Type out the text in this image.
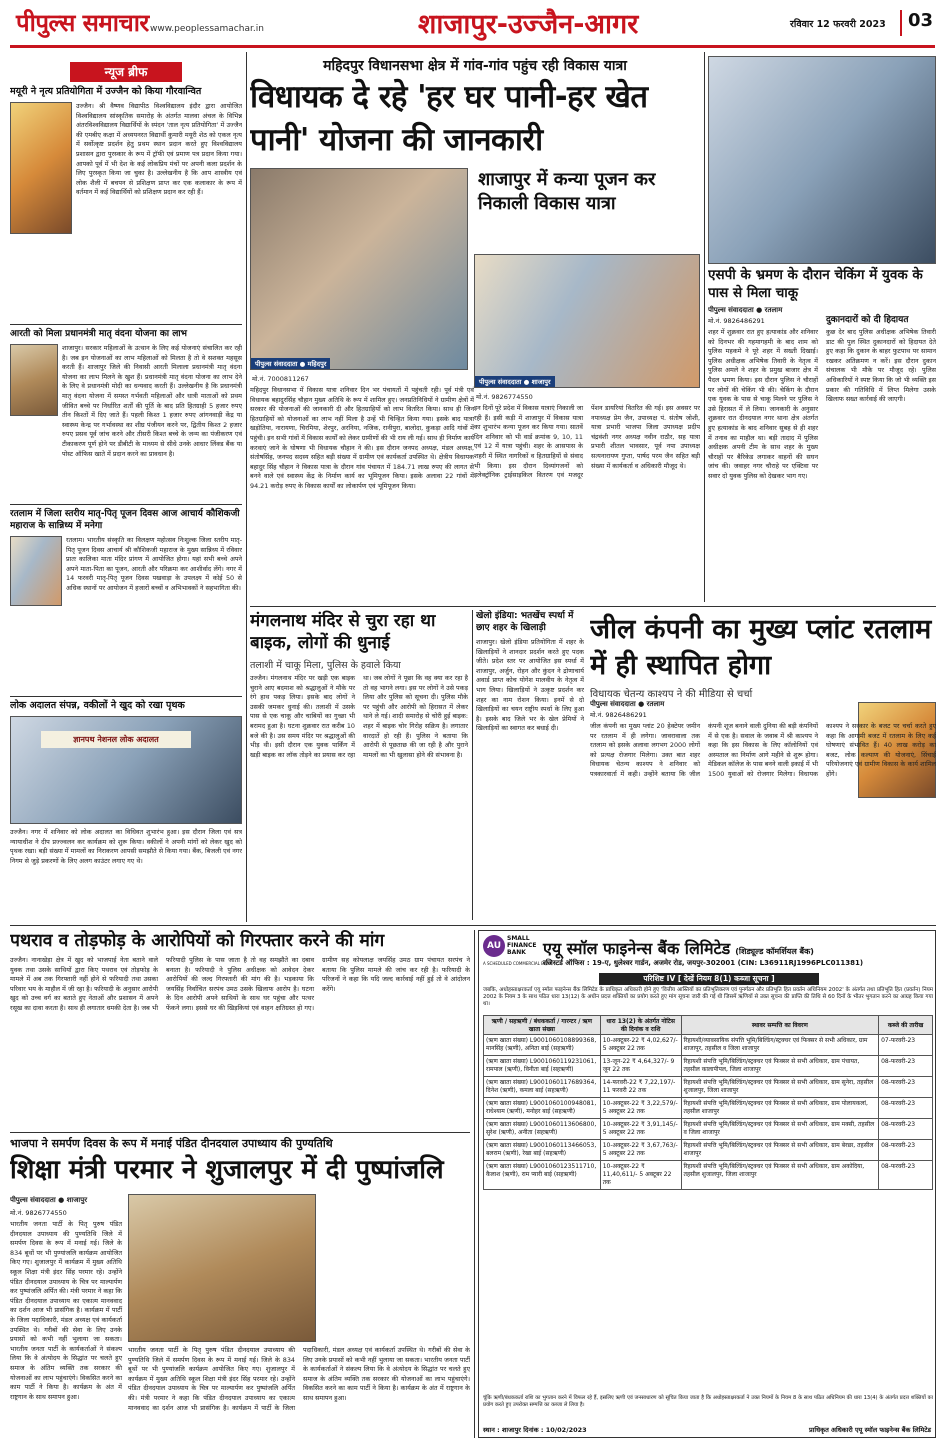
पीपुल्स समाचार www.peoplessamachar.in	शाजापुर-उज्जैन-आगर	रविवार 12 फरवरी 2023	03
न्यूज ब्रीफ
मयूरी ने नृत्य प्रतियोगिता में उज्जैन को किया गौरवान्वित
उज्जैन। श्री वैष्णव विद्यापीठ विश्वविद्यालय इंदौर द्वारा आयोजित विश्वविद्यालय सांस्कृतिक समारोह के अंतर्गत मालवा अंचल के विभिन्न अंतरविश्वविद्यालय विद्यार्थियों के स्पंदन 'ताल नृत्य प्रतियोगिता' में उज्जैन की एमबीए कक्षा में अध्ययनरत विद्यार्थी कुमारी मयूरी शेठ को एकल नृत्य में सर्वोत्कृष्ट प्रदर्शन हेतु प्रथम स्थान प्रदान करते हुए विश्वविद्यालय प्रशासन द्वारा पुरस्कार के रूप में ट्रॉफी एवं प्रमाण पत्र प्रदान किया गया। आपको पूर्व में भी देश के कई लोकप्रिय मंचों पर अपनी कला प्रदर्शन के लिए पुरस्कृत किया जा चुका है। उल्लेखनीय है कि आप शास्त्रीय एवं लोक शैली में बचपन से प्रशिक्षण प्राप्त कर एक कलाकार के रूप में वर्तमान में कई विद्यार्थियों को प्रशिक्षण प्रदान कर रही हैं।
आरती को मिला प्रधानमंत्री मातृ वंदना योजना का लाभ
शाजापुर। सरकार महिलाओं के उत्थान के लिए कई योजनाएं संचालित कर रही है। जब इन योजनाओं का लाभ महिलाओं को मिलता है तो वे सशक्त महसूस करती हैं। शाजापुर जिले की निवासी आरती मिलाला प्रधानमंत्री मातृ वंदना योजना का लाभ मिलने के खुश हैं। प्रधानमंत्री मातृ वंदना योजना का लाभ देने के लिए वे प्रधानमंत्री मोदी का धन्यवाद करती हैं। उल्लेखनीय है कि प्रधानमंत्री मातृ वंदना योजना में समस्त गर्भवती महिलाओं और धात्री माताओं को प्रथम जीवित बच्चे पर निर्धारित शर्तों की पूर्ति के बाद प्रति हितग्राही 5 हजार रुपए तीन किश्तों में दिए जाते हैं। पहली किश्त 1 हजार रुपए आंगनवाड़ी केंद्र या स्वास्थ्य केन्द्र पर गर्भावस्था का शीघ्र पंजीयन करने पर, द्वितीय किश्त 2 हजार रुपए प्रसव पूर्व जांच करने और तीसरी किश्त बच्चे के जन्म का पंजीकरण एवं टीकाकरण पूर्ण होने पर डीबीटी के माध्यम से सीधे उनके आधार लिंक्ड बैंक या पोस्ट ऑफिस खाते में प्रदान करने का प्रावधान है।
रतलाम में जिला स्तरीय मातृ-पितृ पूजन दिवस आज आचार्य कौशिकजी महाराज के सान्निध्य में मनेगा
रतलाम। भारतीय संस्कृति का विलक्षण महोत्सव निःशुल्क जिला स्तरीय मातृ-पितृ पूजन दिवस आचार्य श्री कौशिकजी महाराज के मुख्य सान्निध्य में रविवार प्रातः कालिका माता मंदिर प्रांगण में आयोजित होगा। यहां सभी बच्चे अपने अपने माता-पिता का पूजन, आरती और परिक्रमा कर आशीर्वाद लेंगे। नगर में 14 फरवरी मातृ-पितृ पूजन दिवस पखवाड़ा के उपलक्ष्य में कोई 50 से अधिक स्थानों पर आयोजन में हजारों बच्चों व अभिभावकों ने सहभागिता की।
लोक अदालत संपन्न, वकीलों ने खुद को रखा पृथक
ज्ञानपथ नेशनल लोक अदालत
उज्जैन। नगर में शनिवार को लोक अदालत का विधिवत शुभारंभ हुआ। इस दौरान जिला एवं सत्र न्यायाधीश ने दीप प्रज्ज्वलन कर कार्यक्रम को शुरू किया। वकीलों ने अपनी मांगों को लेकर खुद को पृथक रखा। बड़ी संख्या में मामलों का निराकरण आपसी समझौते से किया गया। बैंक, बिजली एवं नगर निगम से जुड़े प्रकरणों के लिए अलग काउंटर लगाए गए थे।
महिदपुर विधानसभा क्षेत्र में गांव-गांव पहुंच रही विकास यात्रा
विधायक दे रहे 'हर घर पानी-हर खेत पानी' योजना की जानकारी
पीपुल्स संवाददाता ● महिदपुर
मो.नं. 7000811267
महिदपुर विधानसभा में विकास यात्रा शनिवार दिन भर पंचायतों में पहुंचती रही। पूर्व मंत्री एवं विधायक बहादुरसिंह चौहान मुख्य अतिथि के रूप में शामिल हुए। जनप्रतिनिधियों ने ग्रामीण क्षेत्रों में सरकार की योजनाओं की जानकारी दी और हितग्राहियों को लाभ वितरित किया। साथ ही जिन हितग्राहियों को योजनाओं का लाभ नहीं मिला है उन्हें भी चिन्हित किया गया। इसके बाद यात्रा खड़ोतिया, नारायणा, चिरमिया, शेरपुर, अरनिया, नजिक, रानीपुरा, बालोदा, कुकड़ा आदि गांवों में पहुंची। इन सभी गांवों में विकास कार्यों को लेकर ग्रामीणों की भी राय ली गई। साथ ही निर्माण कार्य करवाएं जाने के घोषणा भी विधायक चौहान ने की। इस दौरान जनपद अध्यक्ष, मंडल अध्यक्ष, संतोषसिंह, जनपद सदस्य सहित बड़ी संख्या में ग्रामीण एवं कार्यकर्ता उपस्थित थे। क्षेत्रीय विधायक बहादुर सिंह चौहान ने विकास यात्रा के दौरान गांव पंचायत में 184.71 लाख रुपए की लागत से बनने वाले एवं स्वास्थ्य केंद्र के निर्माण कार्य का भूमिपूजन किया। इसके अलावा 22 गांवों में 94.21 करोड़ रुपए के विकास कार्यों का लोकार्पण एवं भूमिपूजन किया।
शाजापुर में कन्या पूजन कर निकाली विकास यात्रा
पीपुल्स संवाददाता ● शाजापुर
मो.नं. 9826774550
इन दिनों पूरे प्रदेश में विकास यात्राएं निकाली जा रही हैं। इसी कड़ी में शाजापुर में विकास यात्रा का शुभारंभ कन्या पूजन कर किया गया। सातवें दिन शनिवार को भी वार्ड क्रमांक 9, 10, 11 एवं 12 में यात्रा पहुंची। शहर के आसपास के शहरी में स्थित नागरिकों व हितग्राहियों से संवाद भी किया। इस दौरान दिव्यांगजनों को इलेक्ट्रॉनिक ट्राईसाइकिल वितरण एवं मजदूर पेंशन डायरियां वितरित की गई। इस अवसर पर नपाध्यक्ष प्रेम जैन, उपाध्यक्ष पं. संतोष जोशी, यात्रा प्रभारी भाजपा जिला उपाध्यक्ष प्रदीप चंद्रवंशी नगर अध्यक्ष नवीन राठौर, सह यात्रा प्रभारी शीतल भावसार, पूर्व नपा उपाध्यक्ष सत्यनारायण गुप्ता, पार्षद परम जैन सहित बड़ी संख्या में कार्यकर्ता व अधिकारी मौजूद थे।
एसपी के भ्रमण के दौरान चेकिंग में युवक के पास से मिला चाकू
पीपुल्स संवाददाता ● रतलाम
मो.नं. 9826486291
शहर में शुक्रवार रात हुए हत्याकांड और शनिवार को दिनभर की गहमागहमी के बाद शाम को पुलिस महकमे ने पूरे शहर में सख्ती दिखाई। पुलिस अधीक्षक अभिषेक तिवारी के नेतृत्व में पुलिस अमले ने शहर के प्रमुख बाजार क्षेत्र में पैदल भ्रमण किया। इस दौरान पुलिस ने चौराहों पर लोगों की चेकिंग भी की। चेकिंग के दौरान एक युवक के पास से चाकू मिलने पर पुलिस ने उसे हिरासत में ले लिया। जानकारी के अनुसार शुक्रवार रात दीनदयाल नगर थाना क्षेत्र अंतर्गत हुए हत्याकांड के बाद शनिवार सुबह से ही शहर में तनाव का माहौल था। बड़ी तादाद में पुलिस अधीक्षक अपनी टीम के साथ शहर के मुख्य चौराहों पर बैरिकेड लगाकर वाहनों की सघन जांच की। जवाहर नगर चौराहे पर एक्टिवा पर सवार दो युवक पुलिस को देखकर भाग गए।
दुकानदारों को दी हिदायत
कुछ देर बाद पुलिस अधीक्षक अभिषेक तिवारी डाट की पुल स्थित दुकानदारों को हिदायत देते हुए कहा कि दुकान के बाहर फुटपाथ पर सामान रखकर अतिक्रमण न करें। इस दौरान दुकान संचालक भी मौके पर मौजूद रहे। पुलिस अधिकारियों ने स्पष्ट किया कि जो भी व्यक्ति इस प्रकार की गतिविधि में लिप्त मिलेगा उसके खिलाफ सख्त कार्रवाई की जाएगी।
मंगलनाथ मंदिर से चुरा रहा था बाइक, लोगों की धुनाई
तलाशी में चाकू मिला, पुलिस के हवाले किया
उज्जैन। मंगलनाथ मंदिर पर खड़ी एक बाइक चुराने आए बदमाश को श्रद्धालुओं ने मौके पर रंगे हाथ पकड़ लिया। इसके बाद लोगों ने उसकी जमकर धुनाई की। तलाशी में उसके पास से एक चाकू और चाबियों का गुच्छा भी बरामद हुआ है। घटना शुक्रवार रात करीब 10 बजे की है। उस समय मंदिर पर श्रद्धालुओं की भीड़ थी। इसी दौरान एक युवक पार्किंग में खड़ी बाइक का लॉक तोड़ने का प्रयास कर रहा था। जब लोगों ने पूछा कि वह क्या कर रहा है तो वह भागने लगा। इस पर लोगों ने उसे पकड़ लिया और पुलिस को सूचना दी। पुलिस मौके पर पहुंची और आरोपी को हिरासत में लेकर थाने ले गई। शादी समारोह से चोरी हुई बाइक: शहर में बाइक चोर गिरोह सक्रिय है। लगातार वारदातें हो रही हैं। पुलिस ने बताया कि आरोपी से पूछताछ की जा रही है और पुराने मामलों का भी खुलासा होने की संभावना है।
खेलो इंडिया: भतखेंच स्पर्धा में छाए शहर के खिलाड़ी
शाजापुर। खेलो इंडिया प्रतियोगिता में शहर के खिलाड़ियों ने शानदार प्रदर्शन करते हुए पदक जीते। प्रदेश स्तर पर आयोजित इस स्पर्धा में शाजापुर, अर्जुन, रोहन और कुंदन ने द्रोणाचार्य अवार्ड प्राप्त कोच योगेश मालवीय के नेतृत्व में भाग लिया। खिलाड़ियों ने उत्कृष्ट प्रदर्शन कर शहर का नाम रोशन किया। इनमें से दो खिलाड़ियों का चयन राष्ट्रीय स्पर्धा के लिए हुआ है। इसके बाद जिले भर के खेल प्रेमियों ने खिलाड़ियों का स्वागत कर बधाई दी।
जील कंपनी का मुख्य प्लांट रतलाम में ही स्थापित होगा
विधायक चेतन्य काश्यप ने की मीडिया से चर्चा
पीपुल्स संवाददाता ● रतलाम
मो.नं. 9826486291
जील कंपनी का मुख्य प्लांट 20 हेक्टेयर जमीन पर रतलाम में ही लगेगा। जावरावाला तक रतलाम को इसके अलावा लगभग 2000 लोगों को प्रत्यक्ष रोजगार मिलेगा। उक्त बात शहर विधायक चेतन्य काश्यप ने शनिवार को पत्रकारवार्ता में कही। उन्होंने बताया कि जील कंपनी शूज बनाने वाली दुनिया की बड़ी कंपनियों में से एक है। सवाल के जवाब में श्री काश्यप ने कहा कि इस विकास के लिए कॉलोनियों एवं अस्पताल का निर्माण आगे महीने से शुरू होगा। मेडिकल कॉलेज के पास बनने वाली इकाई में भी 1500 युवाओं को रोजगार मिलेगा। विधायक काश्यप ने सरकार के बजट पर चर्चा करते हुए कहा कि आगामी बजट में रतलाम के लिए कई घोषणाएं संभावित हैं। 40 लाख करोड़ का बजट, लोक कल्याण की योजनाएं, सिंचाई परियोजनाएं एवं ग्रामीण विकास के कार्य शामिल होंगे।
पथराव व तोड़फोड़ के आरोपियों को गिरफ्तार करने की मांग
उज्जैन। नानाखेड़ा क्षेत्र में खुद को भाजपाई नेता बताने वाले युवक तथा उसके साथियों द्वारा किए पथराव एवं तोड़फोड़ के मामले में अब तक गिरफ्तारी नहीं होने से फरियादी तथा उसका परिवार भय के माहौल में जी रहा है। फरियादी के अनुसार आरोपी खुद को उच्च वर्ग का बताते हुए नेताओं और प्रशासन में अपने रसूख का दावा करता है। साथ ही लगातार धमकी देता है। जब भी फरियादी पुलिस के पास जाता है तो वह समझौते का दबाव बनाता है। फरियादी ने पुलिस अधीक्षक को आवेदन देकर आरोपियों की जल्द गिरफ्तारी की मांग की है। भड़काया कि जयसिंह निर्वाचित सरपंच उमठ उसके खिलाफ आरोप है। घटना के दिन आरोपी अपने साथियों के साथ घर पहुंचा और पत्थर फेंकने लगा। इससे घर की खिड़कियां एवं वाहन क्षतिग्रस्त हो गए। ग्रामीण सह कोयलाक्ष जयसिंह उमठ ग्राम पंचायत सरपंच ने बताया कि पुलिस मामले की जांच कर रही है। फरियादी के परिजनों ने कहा कि यदि जल्द कार्रवाई नहीं हुई तो वे आंदोलन करेंगे।
भाजपा ने समर्पण दिवस के रूप में मनाई पंडित दीनदयाल उपाध्याय की पुण्यतिथि
शिक्षा मंत्री परमार ने शुजालपुर में दी पुष्पांजलि
पीपुल्स संवाददाता ● शाजापुर
मो.नं. 9826774550
भारतीय जनता पार्टी के पितृ पुरुष पंडित दीनदयाल उपाध्याय की पुण्यतिथि जिले में समर्पण दिवस के रूप में मनाई गई। जिले के 834 बूथों पर भी पुण्यांजलि कार्यक्रम आयोजित किए गए। शुजालपुर में कार्यक्रम में मुख्य अतिथि स्कूल शिक्षा मंत्री इंदर सिंह परमार रहे। उन्होंने पंडित दीनदयाल उपाध्याय के चित्र पर माल्यार्पण कर पुष्पांजलि अर्पित की। मंत्री परमार ने कहा कि पंडित दीनदयाल उपाध्याय का एकात्म मानववाद का दर्शन आज भी प्रासंगिक है। कार्यक्रम में पार्टी के जिला पदाधिकारी, मंडल अध्यक्ष एवं कार्यकर्ता उपस्थित थे। गरीबों की सेवा के लिए उनके प्रयासों को कभी नहीं भुलाया जा सकता। भारतीय जनता पार्टी के कार्यकर्ताओं ने संकल्प लिया कि वे अंत्योदय के सिद्धांत पर चलते हुए समाज के अंतिम व्यक्ति तक सरकार की योजनाओं का लाभ पहुंचाएंगे। विकसित करने का काम पार्टी ने किया है। कार्यक्रम के अंत में राष्ट्रगान के साथ समापन हुआ।
भारतीय जनता पार्टी के पितृ पुरुष पंडित दीनदयाल उपाध्याय की पुण्यतिथि जिले में समर्पण दिवस के रूप में मनाई गई। जिले के 834 बूथों पर भी पुण्यांजलि कार्यक्रम आयोजित किए गए। शुजालपुर में कार्यक्रम में मुख्य अतिथि स्कूल शिक्षा मंत्री इंदर सिंह परमार रहे। उन्होंने पंडित दीनदयाल उपाध्याय के चित्र पर माल्यार्पण कर पुष्पांजलि अर्पित की। मंत्री परमार ने कहा कि पंडित दीनदयाल उपाध्याय का एकात्म मानववाद का दर्शन आज भी प्रासंगिक है। कार्यक्रम में पार्टी के जिला पदाधिकारी, मंडल अध्यक्ष एवं कार्यकर्ता उपस्थित थे। गरीबों की सेवा के लिए उनके प्रयासों को कभी नहीं भुलाया जा सकता। भारतीय जनता पार्टी के कार्यकर्ताओं ने संकल्प लिया कि वे अंत्योदय के सिद्धांत पर चलते हुए समाज के अंतिम व्यक्ति तक सरकार की योजनाओं का लाभ पहुंचाएंगे। विकसित करने का काम पार्टी ने किया है। कार्यक्रम के अंत में राष्ट्रगान के साथ समापन हुआ।
AU
SMALL
FINANCE
BANK
A SCHEDULED COMMERCIAL BANK
एयू स्मॉल फाइनेन्स बैंक लिमिटेड (शिड्यूल्ड कॉमर्शियल बैंक)
रजिस्टर्ड ऑफिस : 19-ए, धुलेश्वर गार्डन, अजमेर रोड, जयपुर-302001 (CIN: L36911RJ1996PLC011381)
परिशिष्ट IV [ देखें नियम 8(1) कब्जा सूचना ]
जबकि, अधोहस्ताक्षरकर्ता एयू स्मॉल फाइनेन्स बैंक लिमिटेड के प्राधिकृत अधिकारी होने हुए 'वित्तीय आस्तियों का प्रतिभूतिकरण एवं पुनर्गठन और प्रतिभूति हित प्रवर्तन अधिनियम 2002' के अंतर्गत तथा प्रतिभूति हित (प्रवर्तन) नियम 2002 के नियम 3 के साथ पठित धारा 13(12) के अधीन प्रदत्त शक्तियों का प्रयोग करते हुए मांग सूचना जारी की गई थी जिसमें ऋणियों से उक्त सूचना की प्राप्ति की तिथि से 60 दिनों के भीतर भुगतान करने का आग्रह किया गया था।
ऋणी / सहऋणी / बंधककर्ता / गारन्टर / ऋण खाता संख्या	धारा 13(2) के अंतर्गत नोटिस की दिनांक व राशि	स्थावर सम्पत्ति का विवरण	कब्जे की तारीख
(ऋण खाता संख्या) L9001060108899368, मानसिंह (ऋणी), अनिता बाई (सहऋणी)	10-अक्टूबर-22 ₹ 4,02,627/- 5 अक्टूबर 22 तक	रिहायशी/व्यावसायिक संपत्ति भूमि/बिल्डिंग/स्ट्रक्चर एवं फिक्सर से सभी अधिकार, ग्राम शाजापुर, तहसील व जिला शाजापुर	07-फरवरी-23
(ऋण खाता संख्या) L9001060119231061, रामपाल (ऋणी), विनीता बाई (सहऋणी)	13-जून-22 ₹ 4,64,327/- 9 जून 22 तक	रिहायशी संपत्ति भूमि/बिल्डिंग/स्ट्रक्चर एवं फिक्सर से सभी अधिकार, ग्राम पंचायत, तहसील कालापीपल, जिला शाजापुर	08-फरवरी-23
(ऋण खाता संख्या) L9001060117689364, दिनेश (ऋणी), कमला बाई (सहऋणी)	14-फरवरी-22 ₹ 7,22,197/- 11 फरवरी 22 तक	रिहायशी संपत्ति भूमि/बिल्डिंग/स्ट्रक्चर एवं फिक्सर से सभी अधिकार, ग्राम सुनेरा, तहसील शुजालपुर, जिला शाजापुर	08-फरवरी-23
(ऋण खाता संख्या) L9001060100948081, राधेश्याम (ऋणी), मनोहर बाई (सहऋणी)	10-अक्टूबर-22 ₹ 3,22,579/- 5 अक्टूबर 22 तक	रिहायशी संपत्ति भूमि/बिल्डिंग/स्ट्रक्चर एवं फिक्सर से सभी अधिकार, ग्राम पोलायकलां, तहसील शाजापुर	08-फरवरी-23
(ऋण खाता संख्या) L9001060113606800, सुरेश (ऋणी), अनीता (सहऋणी)	10-अक्टूबर-22 ₹ 3,91,145/- 5 अक्टूबर 22 तक	रिहायशी संपत्ति भूमि/बिल्डिंग/स्ट्रक्चर एवं फिक्सर से सभी अधिकार, ग्राम मक्सी, तहसील व जिला शाजापुर	08-फरवरी-23
(ऋण खाता संख्या) L9001060113466053, बलराम (ऋणी), रेखा बाई (सहऋणी)	10-अक्टूबर-22 ₹ 3,67,763/- 5 अक्टूबर 22 तक	रिहायशी संपत्ति भूमि/बिल्डिंग/स्ट्रक्चर एवं फिक्सर से सभी अधिकार, ग्राम बेरछा, तहसील शाजापुर	08-फरवरी-23
(ऋण खाता संख्या) L9001060123511710, कैलाश (ऋणी), राम प्यारी बाई (सहऋणी)	10-अक्टूबर-22 ₹ 11,40,611/- 5 अक्टूबर 22 तक	रिहायशी संपत्ति भूमि/बिल्डिंग/स्ट्रक्चर एवं फिक्सर से सभी अधिकार, ग्राम अकोदिया, तहसील शुजालपुर, जिला शाजापुर	08-फरवरी-23
चूंकि ऋणी/बंधककर्ता राशि का भुगतान करने में विफल रहे हैं, इसलिए ऋणी एवं जनसाधारण को सूचित किया जाता है कि अधोहस्ताक्षरकर्ता ने उक्त नियमों के नियम 8 के साथ पठित अधिनियम की धारा 13(4) के अंतर्गत प्रदत्त शक्तियों का प्रयोग करते हुए उपरोक्त सम्पत्ति का कब्जा ले लिया है।
स्थान : शाजापुर दिनांक : 10/02/2023	प्राधिकृत अधिकारी एयू स्मॉल फाइनेन्स बैंक लिमिटेड
